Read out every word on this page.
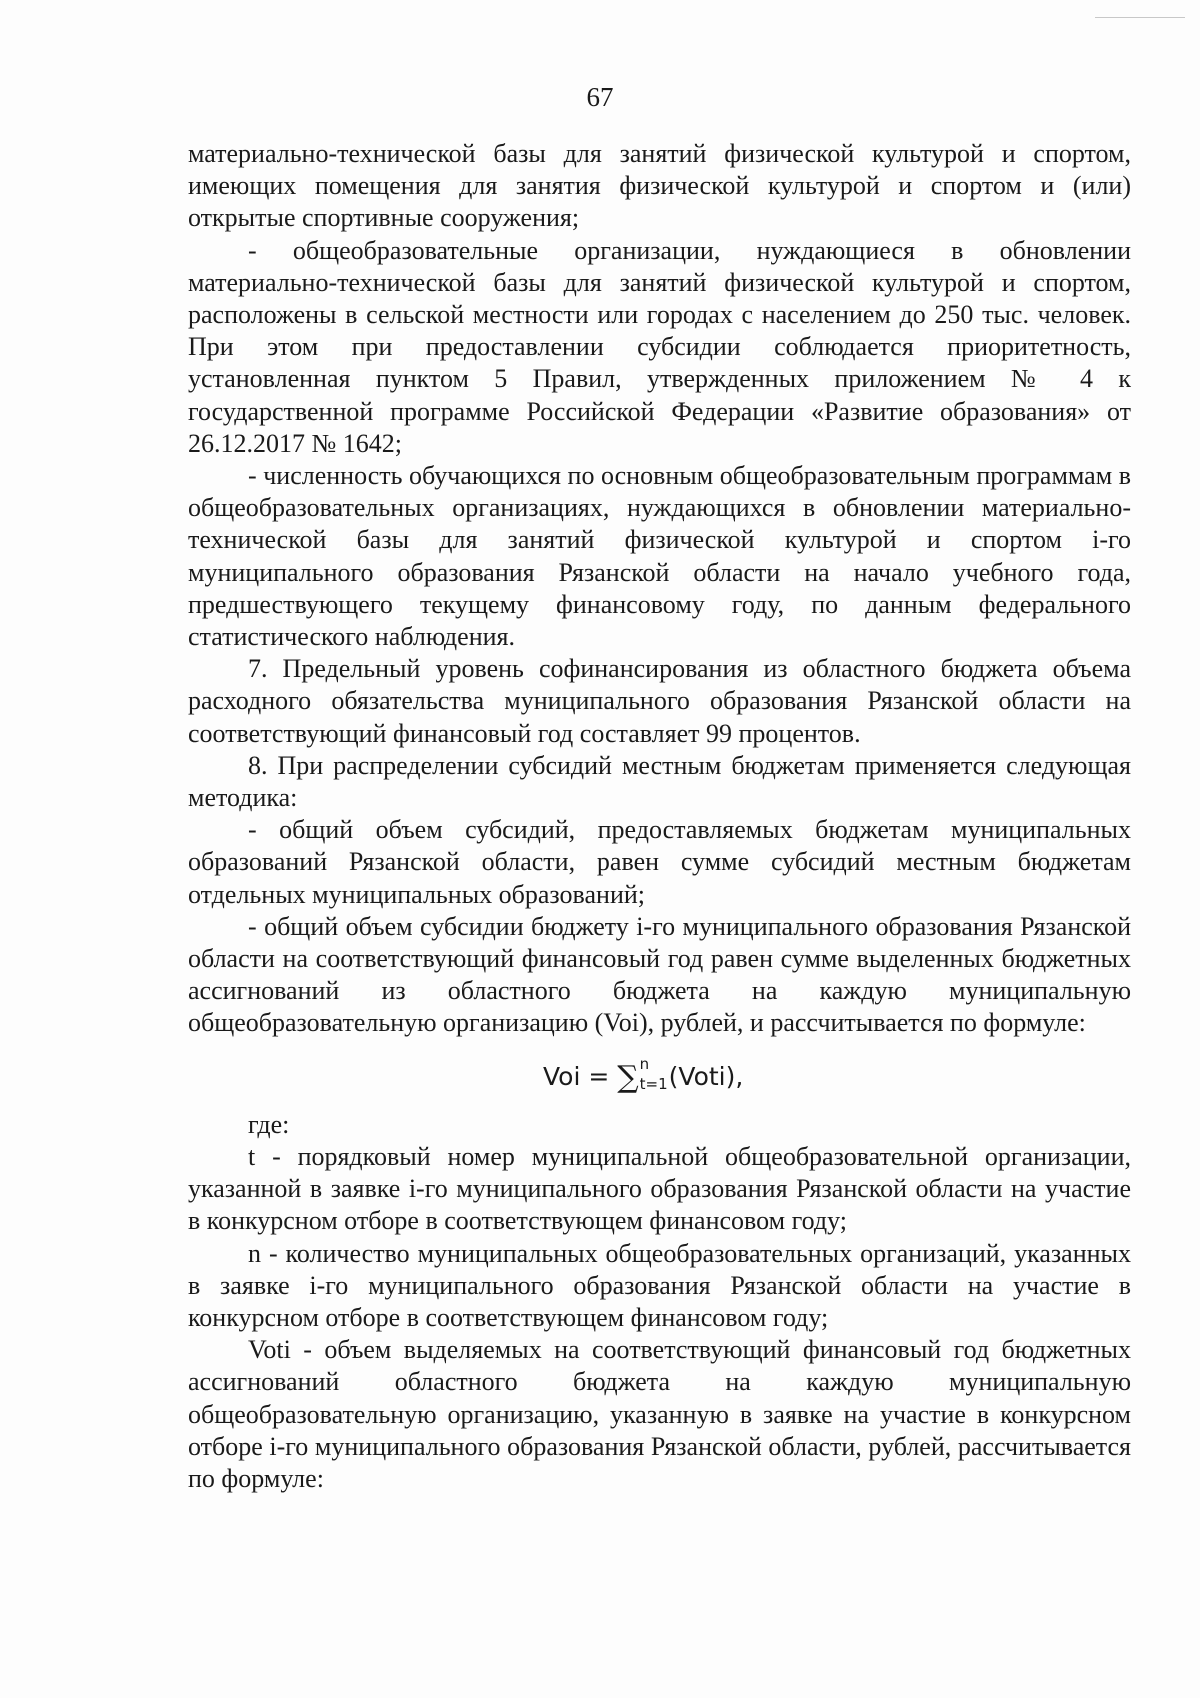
67

материально-технической базы для занятий физической культурой и спортом, имеющих помещения для занятия физической культурой и спортом и (или) открытые спортивные сооружения;

- общеобразовательные организации, нуждающиеся в обновлении материально-технической базы для занятий физической культурой и спортом, расположены в сельской местности или городах с населением до 250 тыс. человек. При этом при предоставлении субсидии соблюдается приоритетность, установленная пунктом 5 Правил, утвержденных приложением № 4 к государственной программе Российской Федерации «Развитие образования» от 26.12.2017 № 1642;

- численность обучающихся по основным общеобразовательным программам в общеобразовательных организациях, нуждающихся в обновлении материально-технической базы для занятий физической культурой и спортом i-го муниципального образования Рязанской области на начало учебного года, предшествующего текущему финансовому году, по данным федерального статистического наблюдения.

7. Предельный уровень софинансирования из областного бюджета объема расходного обязательства муниципального образования Рязанской области на соответствующий финансовый год составляет 99 процентов.

8. При распределении субсидий местным бюджетам применяется следующая методика:

- общий объем субсидий, предоставляемых бюджетам муниципальных образований Рязанской области, равен сумме субсидий местным бюджетам отдельных муниципальных образований;

- общий объем субсидии бюджету i-го муниципального образования Рязанской области на соответствующий финансовый год равен сумме выделенных бюджетных ассигнований из областного бюджета на каждую муниципальную общеобразовательную организацию (Voi), рублей, и рассчитывается по формуле:

Voi = ∑ n
t=1 (Voti),

где:

t - порядковый номер муниципальной общеобразовательной организации, указанной в заявке i-го муниципального образования Рязанской области на участие в конкурсном отборе в соответствующем финансовом году;

n - количество муниципальных общеобразовательных организаций, указанных в заявке i-го муниципального образования Рязанской области на участие в конкурсном отборе в соответствующем финансовом году;

Voti - объем выделяемых на соответствующий финансовый год бюджетных ассигнований областного бюджета на каждую муниципальную общеобразовательную организацию, указанную в заявке на участие в конкурсном отборе i-го муниципального образования Рязанской области, рублей, рассчитывается по формуле:
